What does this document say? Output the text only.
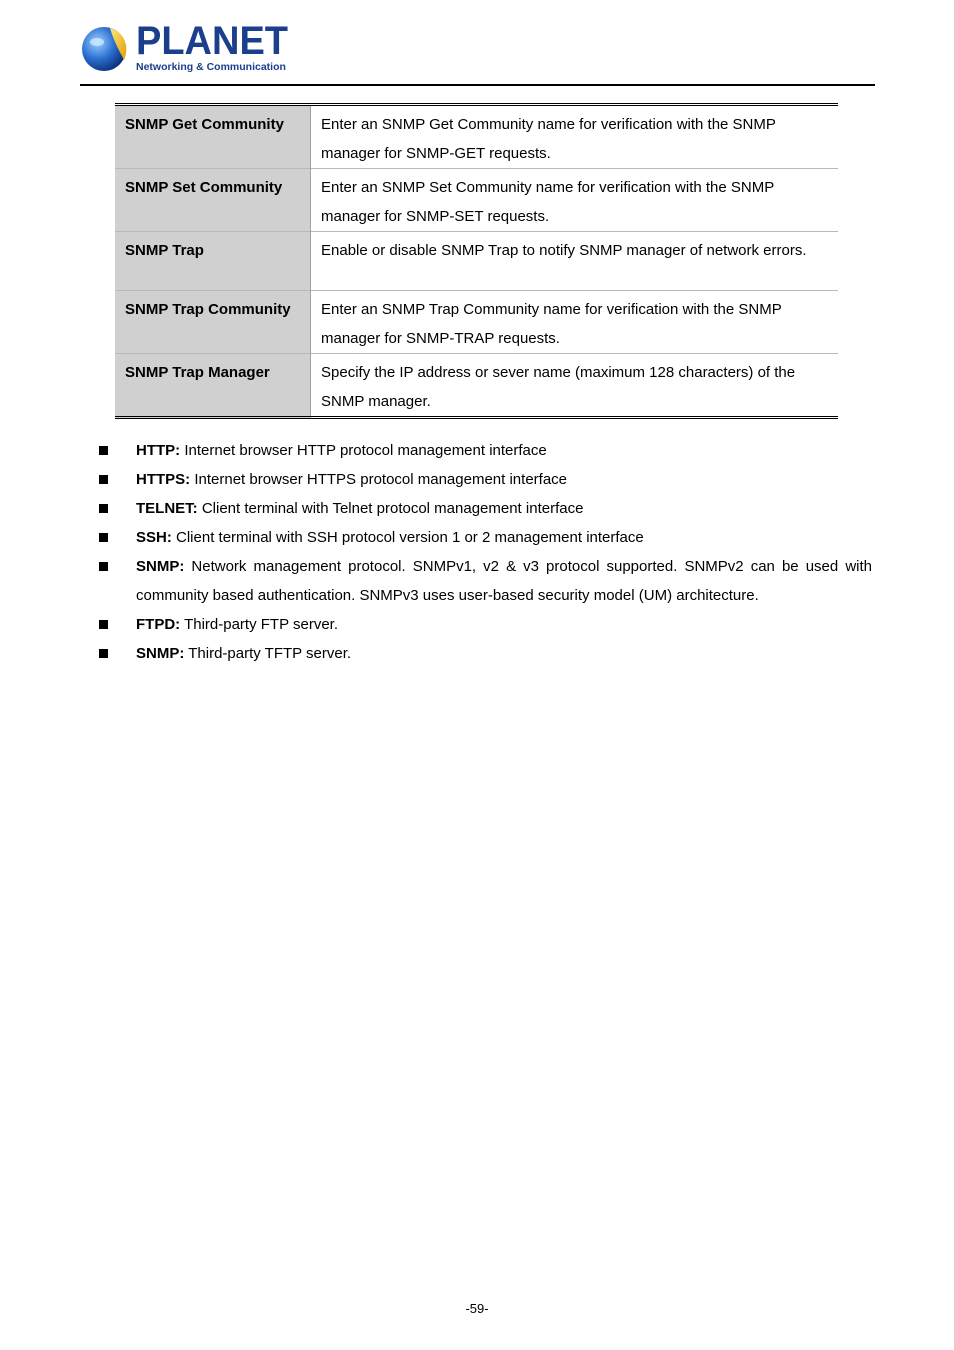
PLANET
Networking & Communication
SNMP Get Community	Enter an SNMP Get Community name for verification with the SNMP manager for SNMP-GET requests.
SNMP Set Community	Enter an SNMP Set Community name for verification with the SNMP manager for SNMP-SET requests.
SNMP Trap	Enable or disable SNMP Trap to notify SNMP manager of network errors.
SNMP Trap Community	Enter an SNMP Trap Community name for verification with the SNMP manager for SNMP-TRAP requests.
SNMP Trap Manager	Specify the IP address or sever name (maximum 128 characters) of the SNMP manager.
HTTP: Internet browser HTTP protocol management interface
HTTPS: Internet browser HTTPS protocol management interface
TELNET: Client terminal with Telnet protocol management interface
SSH: Client terminal with SSH protocol version 1 or 2 management interface
SNMP: Network management protocol. SNMPv1, v2 & v3 protocol supported. SNMPv2 can be used with community based authentication. SNMPv3 uses user-based security model (UM) architecture.
FTPD: Third-party FTP server.
SNMP: Third-party TFTP server.
-59-
